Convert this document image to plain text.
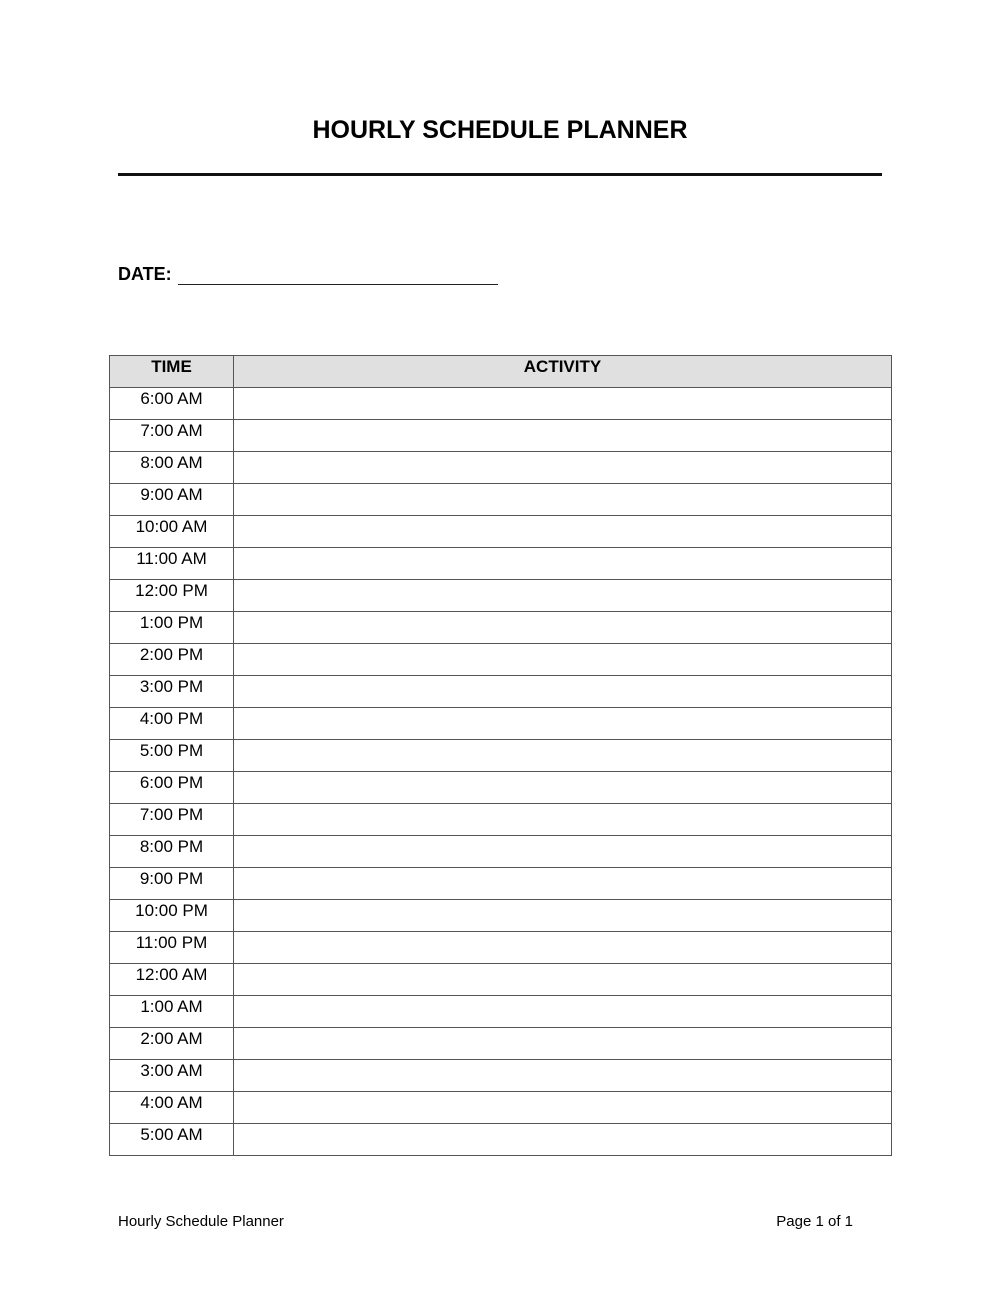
HOURLY SCHEDULE PLANNER
DATE:
TIME	ACTIVITY
6:00 AM	
7:00 AM	
8:00 AM	
9:00 AM	
10:00 AM	
11:00 AM	
12:00 PM	
1:00 PM	
2:00 PM	
3:00 PM	
4:00 PM	
5:00 PM	
6:00 PM	
7:00 PM	
8:00 PM	
9:00 PM	
10:00 PM	
11:00 PM	
12:00 AM	
1:00 AM	
2:00 AM	
3:00 AM	
4:00 AM	
5:00 AM	
Hourly Schedule Planner	Page 1 of 1
